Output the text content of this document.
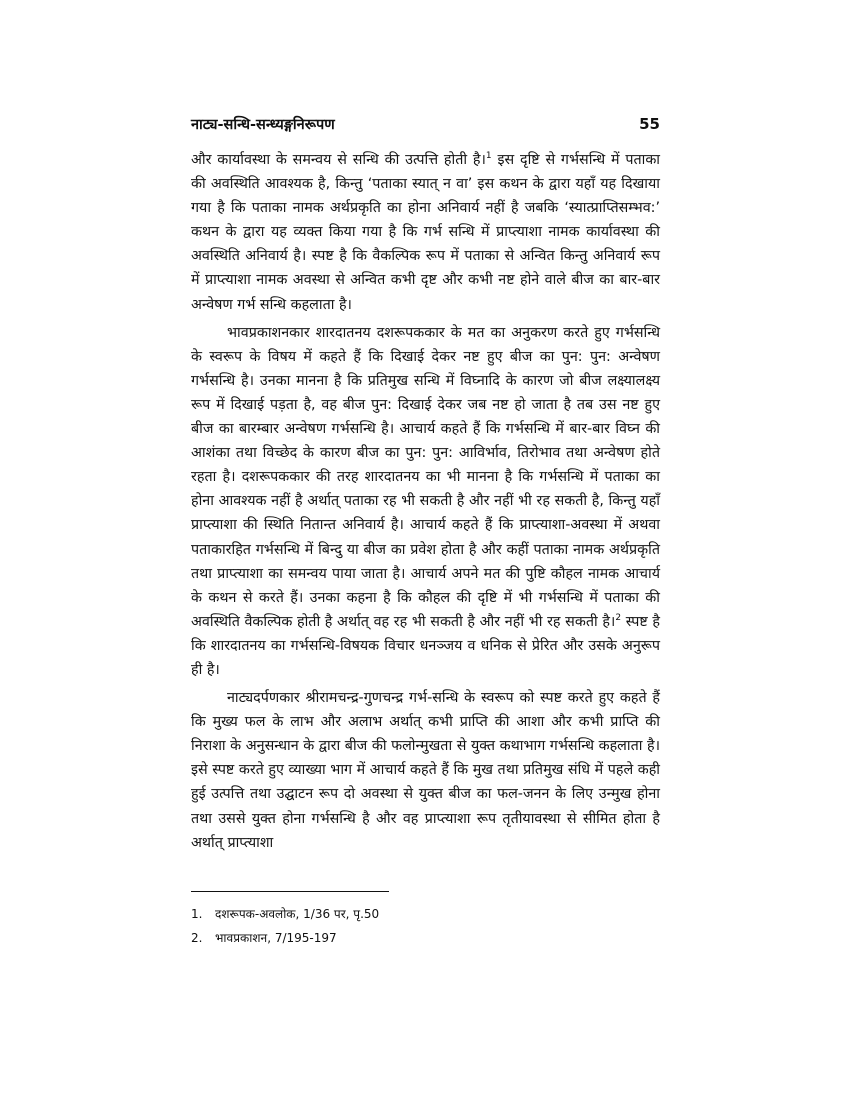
नाट्य-सन्धि-सन्ध्यङ्गनिरूपण	55

और कार्यावस्था के समन्वय से सन्धि की उत्पत्ति होती है।$^1$ इस दृष्टि से गर्भसन्धि में पताका की अवस्थिति आवश्यक है, किन्तु ‘पताका स्यात् न वा’ इस कथन के द्वारा यहाँ यह दिखाया गया है कि पताका नामक अर्थप्रकृति का होना अनिवार्य नहीं है जबकि ‘स्यात्प्राप्तिसम्भव:’ कथन के द्वारा यह व्यक्त किया गया है कि गर्भ सन्धि में प्राप्त्याशा नामक कार्यावस्था की अवस्थिति अनिवार्य है। स्पष्ट है कि वैकल्पिक रूप में पताका से अन्वित किन्तु अनिवार्य रूप में प्राप्त्याशा नामक अवस्था से अन्वित कभी दृष्ट और कभी नष्ट होने वाले बीज का बार-बार अन्वेषण गर्भ सन्धि कहलाता है।

भावप्रकाशनकार शारदातनय दशरूपककार के मत का अनुकरण करते हुए गर्भसन्धि के स्वरूप के विषय में कहते हैं कि दिखाई देकर नष्ट हुए बीज का पुन: पुन: अन्वेषण गर्भसन्धि है। उनका मानना है कि प्रतिमुख सन्धि में विघ्नादि के कारण जो बीज लक्ष्यालक्ष्य रूप में दिखाई पड़ता है, वह बीज पुन: दिखाई देकर जब नष्ट हो जाता है तब उस नष्ट हुए बीज का बारम्बार अन्वेषण गर्भसन्धि है। आचार्य कहते हैं कि गर्भसन्धि में बार-बार विघ्न की आशंका तथा विच्छेद के कारण बीज का पुन: पुन: आविर्भाव, तिरोभाव तथा अन्वेषण होते रहता है। दशरूपककार की तरह शारदातनय का भी मानना है कि गर्भसन्धि में पताका का होना आवश्यक नहीं है अर्थात् पताका रह भी सकती है और नहीं भी रह सकती है, किन्तु यहाँ प्राप्त्याशा की स्थिति नितान्त अनिवार्य है। आचार्य कहते हैं कि प्राप्त्याशा-अवस्था में अथवा पताकारहित गर्भसन्धि में बिन्दु या बीज का प्रवेश होता है और कहीं पताका नामक अर्थप्रकृति तथा प्राप्त्याशा का समन्वय पाया जाता है। आचार्य अपने मत की पुष्टि कौहल नामक आचार्य के कथन से करते हैं। उनका कहना है कि कौहल की दृष्टि में भी गर्भसन्धि में पताका की अवस्थिति वैकल्पिक होती है अर्थात् वह रह भी सकती है और नहीं भी रह सकती है।$^2$ स्पष्ट है कि शारदातनय का गर्भसन्धि-विषयक विचार धनञ्जय व धनिक से प्रेरित और उसके अनुरूप ही है।

नाट्यदर्पणकार श्रीरामचन्द्र-गुणचन्द्र गर्भ-सन्धि के स्वरूप को स्पष्ट करते हुए कहते हैं कि मुख्य फल के लाभ और अलाभ अर्थात् कभी प्राप्ति की आशा और कभी प्राप्ति की निराशा के अनुसन्धान के द्वारा बीज की फलोन्मुखता से युक्त कथाभाग गर्भसन्धि कहलाता है। इसे स्पष्ट करते हुए व्याख्या भाग में आचार्य कहते हैं कि मुख तथा प्रतिमुख संधि में पहले कही हुई उत्पत्ति तथा उद्घाटन रूप दो अवस्था से युक्त बीज का फल-जनन के लिए उन्मुख होना तथा उससे युक्त होना गर्भसन्धि है और वह प्राप्त्याशा रूप तृतीयावस्था से सीमित होता है अर्थात् प्राप्त्याशा

1.	दशरूपक-अवलोक, 1/36 पर, पृ.50
2.	भावप्रकाशन, 7/195-197
